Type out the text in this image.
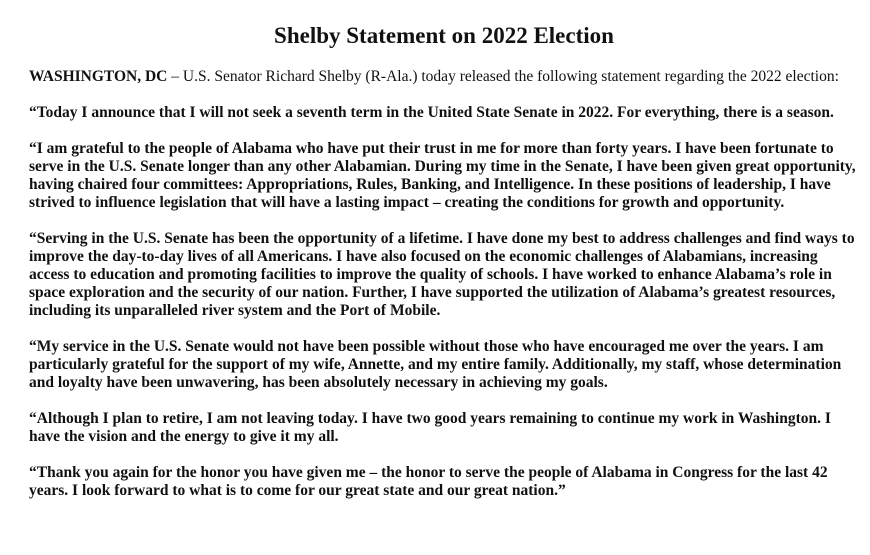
Shelby Statement on 2022 Election

WASHINGTON, DC – U.S. Senator Richard Shelby (R-Ala.) today released the following statement regarding the 2022 election:

“Today I announce that I will not seek a seventh term in the United State Senate in 2022. For everything, there is a season.

“I am grateful to the people of Alabama who have put their trust in me for more than forty years. I have been fortunate to serve in the U.S. Senate longer than any other Alabamian. During my time in the Senate, I have been given great opportunity, having chaired four committees: Appropriations, Rules, Banking, and Intelligence. In these positions of leadership, I have strived to influence legislation that will have a lasting impact – creating the conditions for growth and opportunity.

“Serving in the U.S. Senate has been the opportunity of a lifetime. I have done my best to address challenges and find ways to improve the day-to-day lives of all Americans. I have also focused on the economic challenges of Alabamians, increasing access to education and promoting facilities to improve the quality of schools. I have worked to enhance Alabama’s role in space exploration and the security of our nation. Further, I have supported the utilization of Alabama’s greatest resources, including its unparalleled river system and the Port of Mobile.

“My service in the U.S. Senate would not have been possible without those who have encouraged me over the years. I am particularly grateful for the support of my wife, Annette, and my entire family. Additionally, my staff, whose determination and loyalty have been unwavering, has been absolutely necessary in achieving my goals.

“Although I plan to retire, I am not leaving today. I have two good years remaining to continue my work in Washington. I have the vision and the energy to give it my all.

“Thank you again for the honor you have given me – the honor to serve the people of Alabama in Congress for the last 42 years. I look forward to what is to come for our great state and our great nation.”
